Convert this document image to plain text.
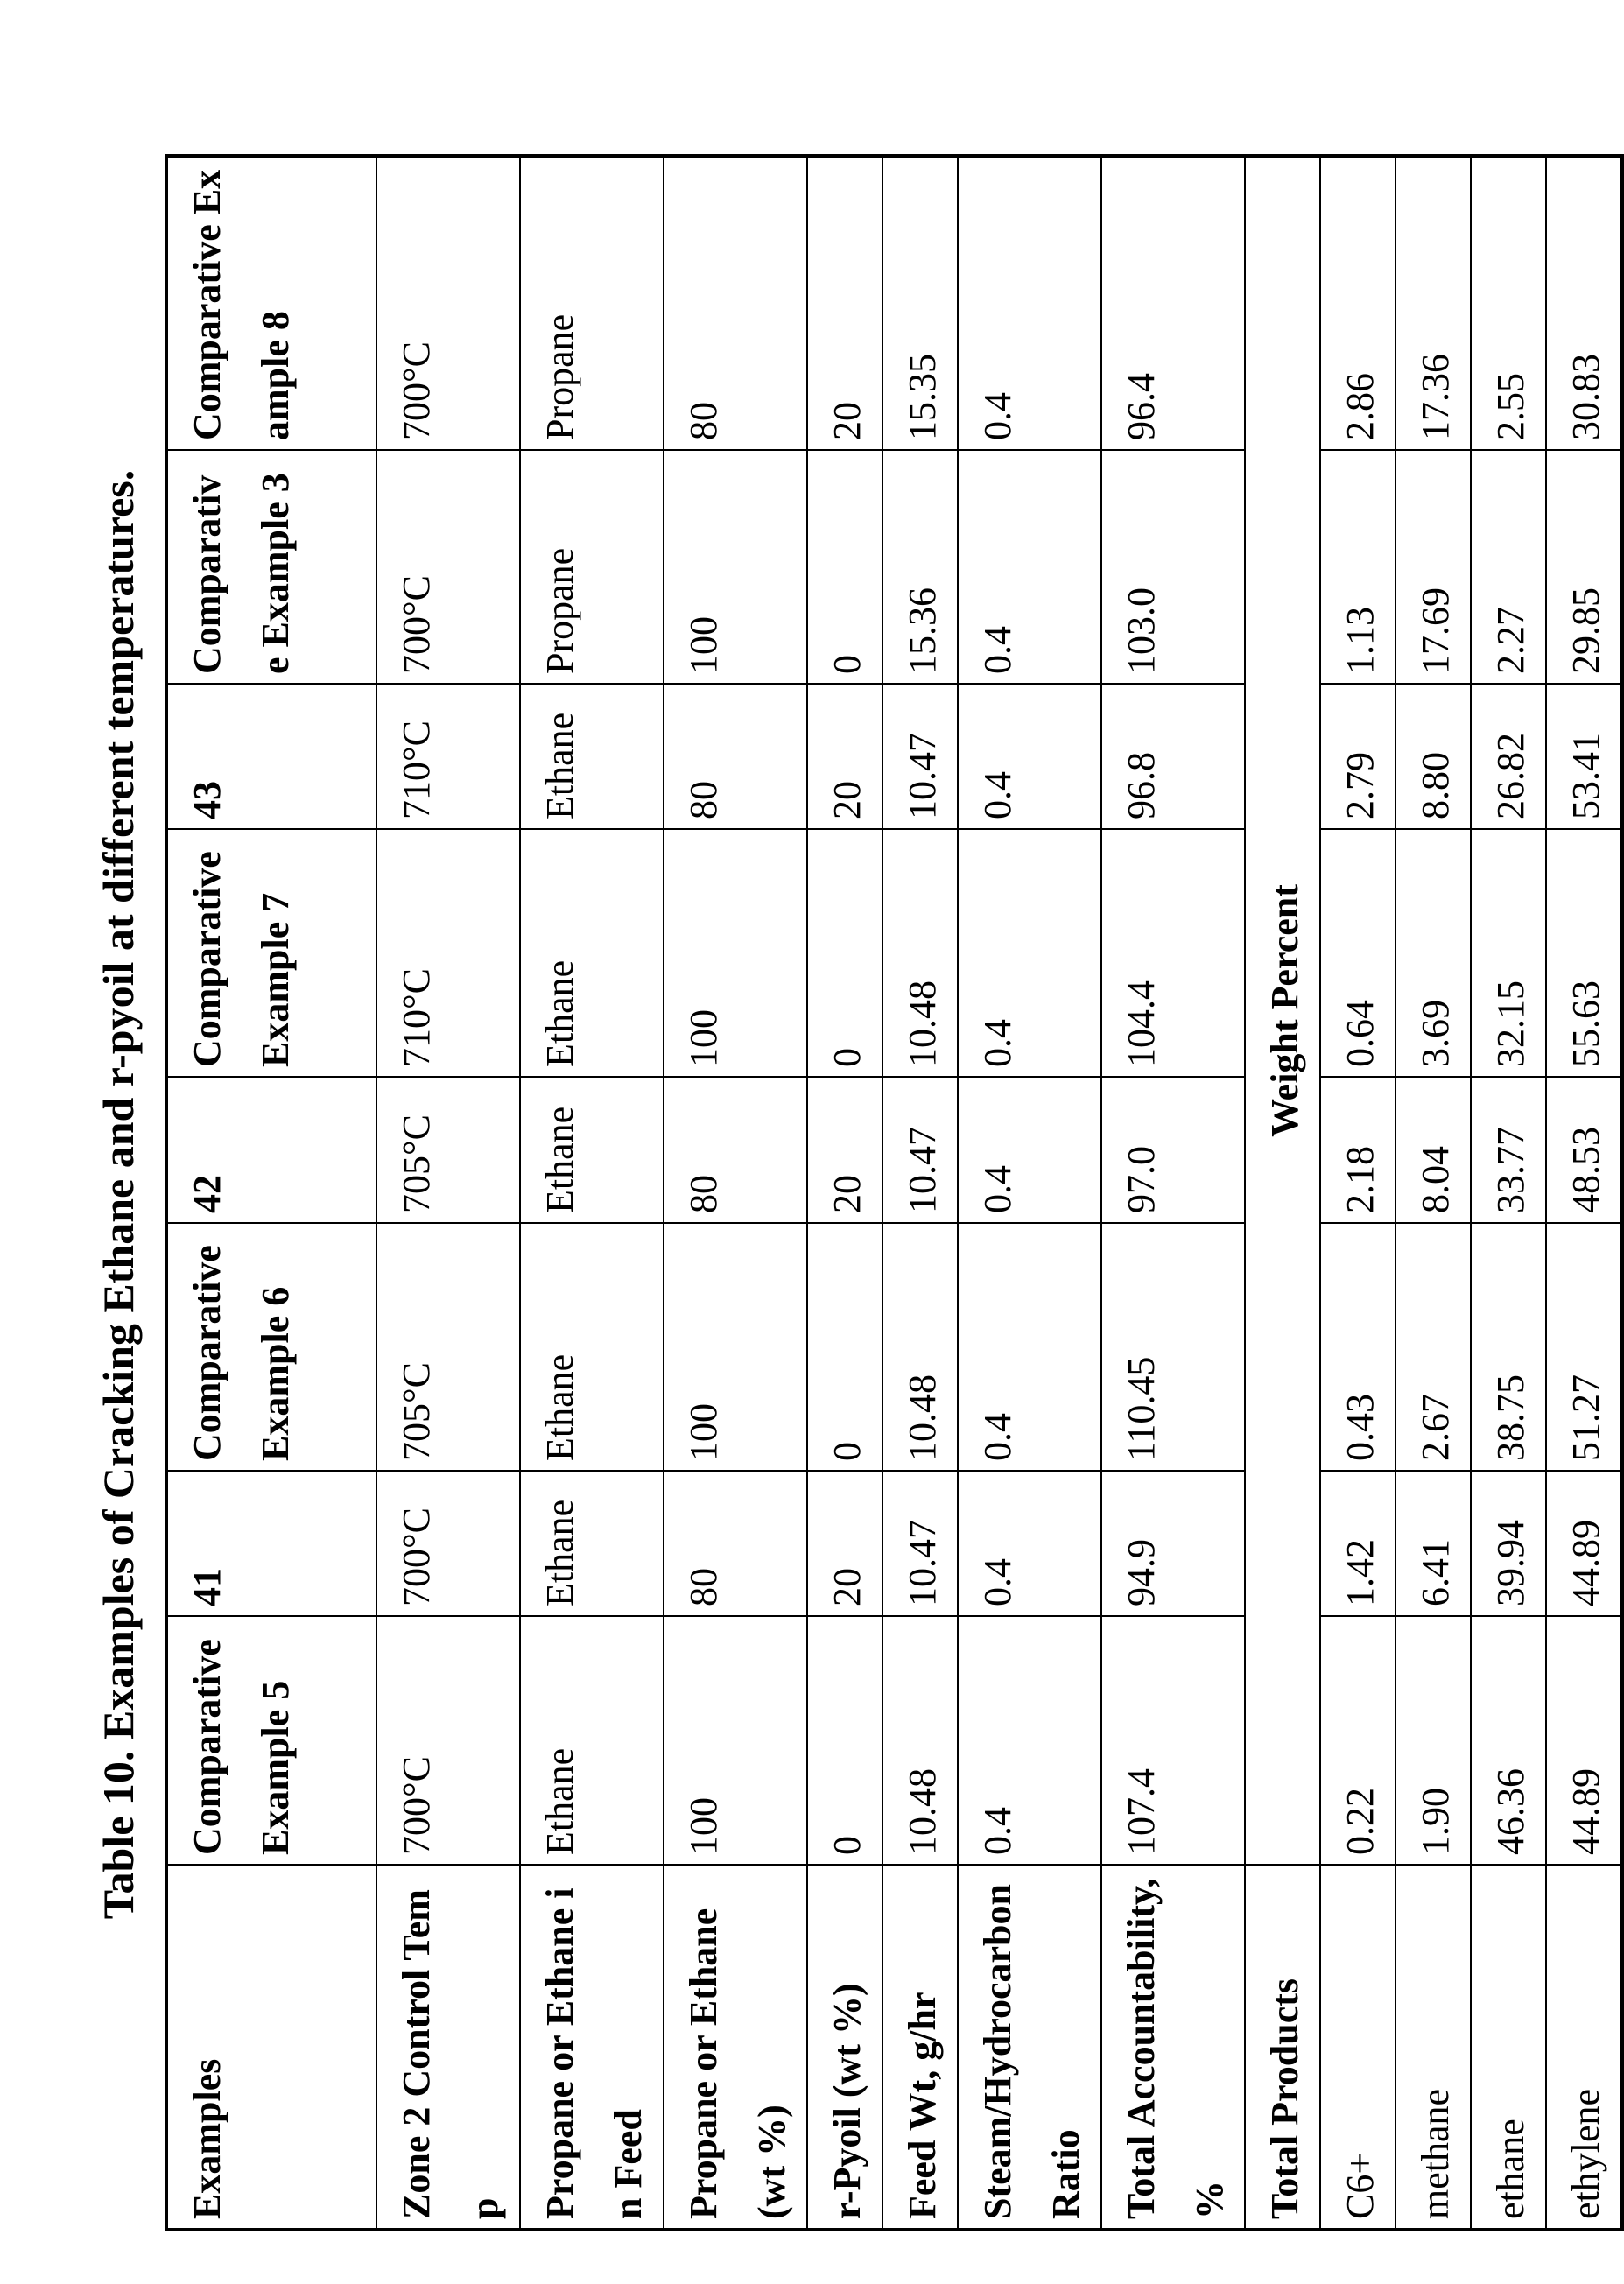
Table 10. Examples of Cracking Ethane and r-pyoil at different temperatures.
Examples	Comparative Example 5	41	Comparative Example 6	42	Comparative Example 7	43	Comparative Example 3	Comparative Example 8
Zone 2 Control Temp	700°C	700°C	705°C	705°C	710°C	710°C	700°C	700°C
Propane or Ethane in Feed	Ethane	Ethane	Ethane	Ethane	Ethane	Ethane	Propane	Propane
Propane or Ethane (wt %)	100	80	100	80	100	80	100	80
r-Pyoil (wt %)	0	20	0	20	0	20	0	20
Feed Wt, g/hr	10.48	10.47	10.48	10.47	10.48	10.47	15.36	15.35
Steam/Hydrocarbon Ratio	0.4	0.4	0.4	0.4	0.4	0.4	0.4	0.4
Total Accountability, %	107.4	94.9	110.45	97.0	104.4	96.8	103.0	96.4
Total Products	Weight Percent
C6+	0.22	1.42	0.43	2.18	0.64	2.79	1.13	2.86
methane	1.90	6.41	2.67	8.04	3.69	8.80	17.69	17.36
ethane	46.36	39.94	38.75	33.77	32.15	26.82	2.27	2.55
ethylene	44.89	44.89	51.27	48.53	55.63	53.41	29.85	30.83
